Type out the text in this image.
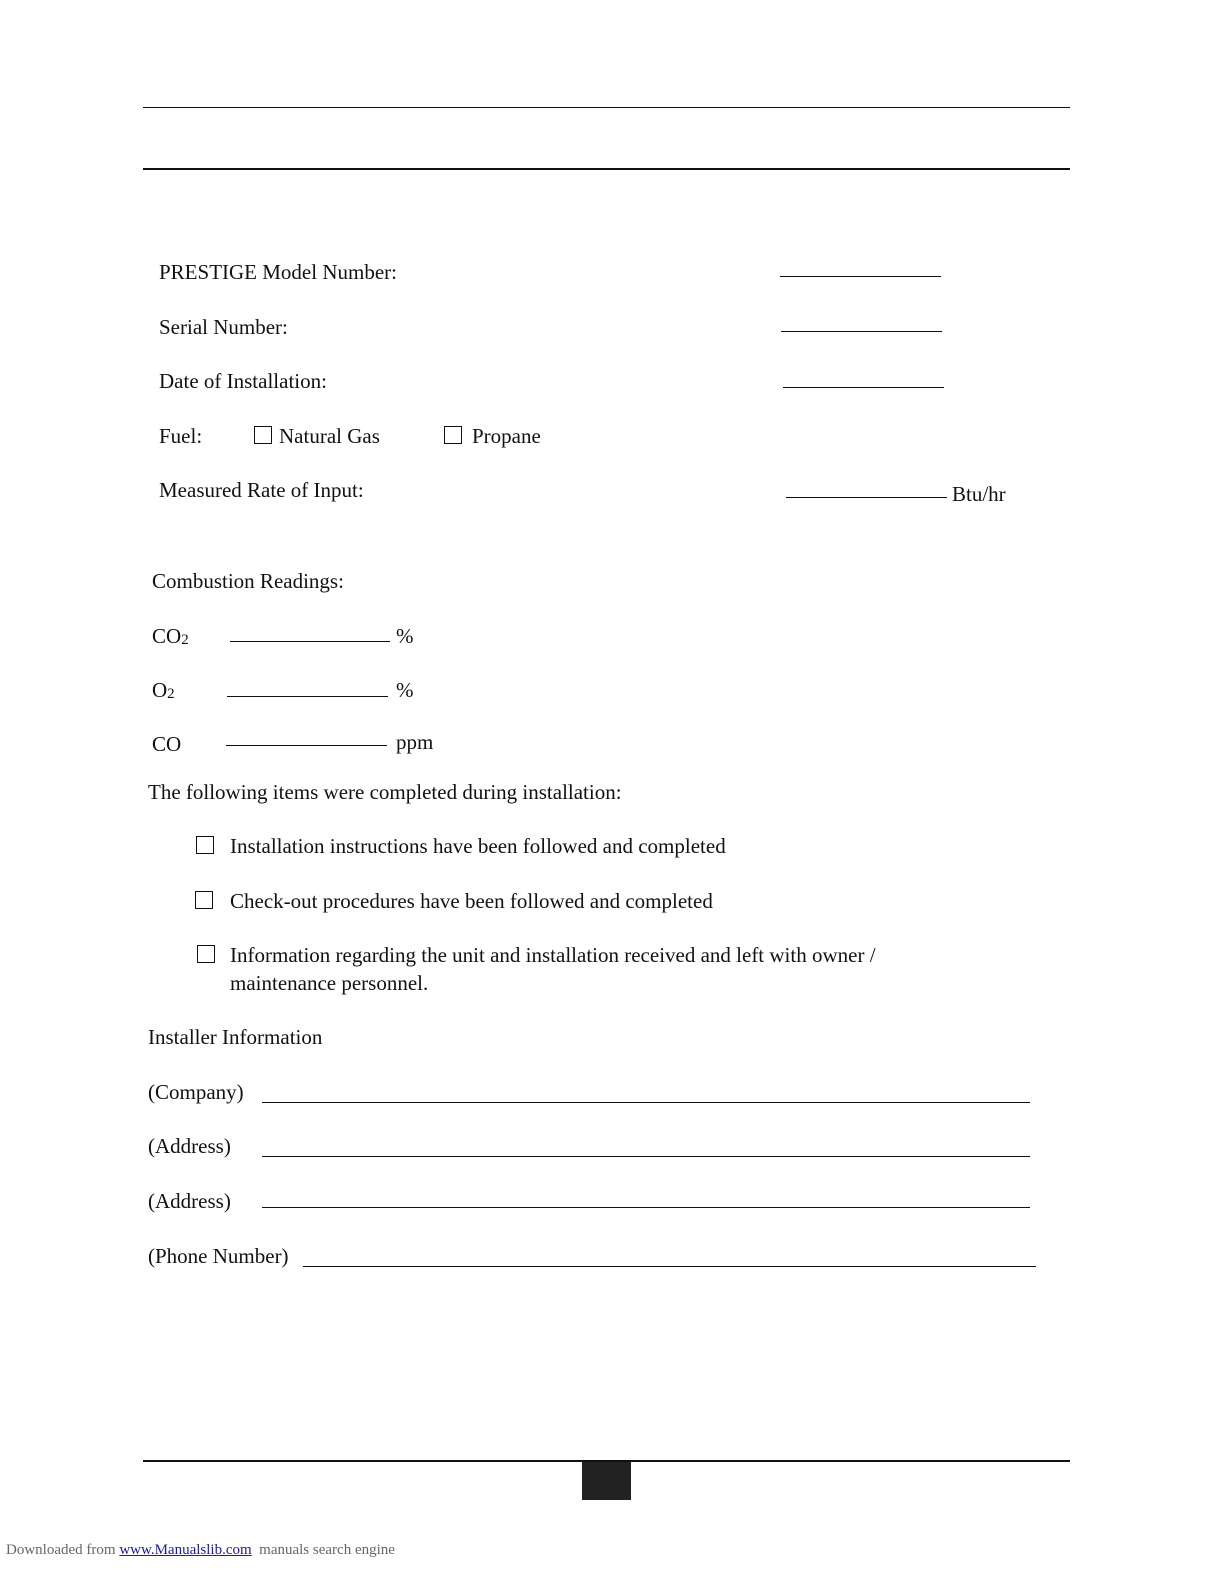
PRESTIGE Model Number:
Serial Number:
Date of Installation:
Fuel:	Natural Gas	Propane
Measured Rate of Input:	Btu/hr
Combustion Readings:
CO2	%
O2	%
CO	ppm
The following items were completed during installation:
Installation instructions have been followed and completed
Check-out procedures have been followed and completed
Information regarding the unit and installation received and left with owner /
maintenance personnel.
Installer Information
(Company)
(Address)
(Address)
(Phone Number)
Downloaded from www.Manualslib.com manuals search engine
